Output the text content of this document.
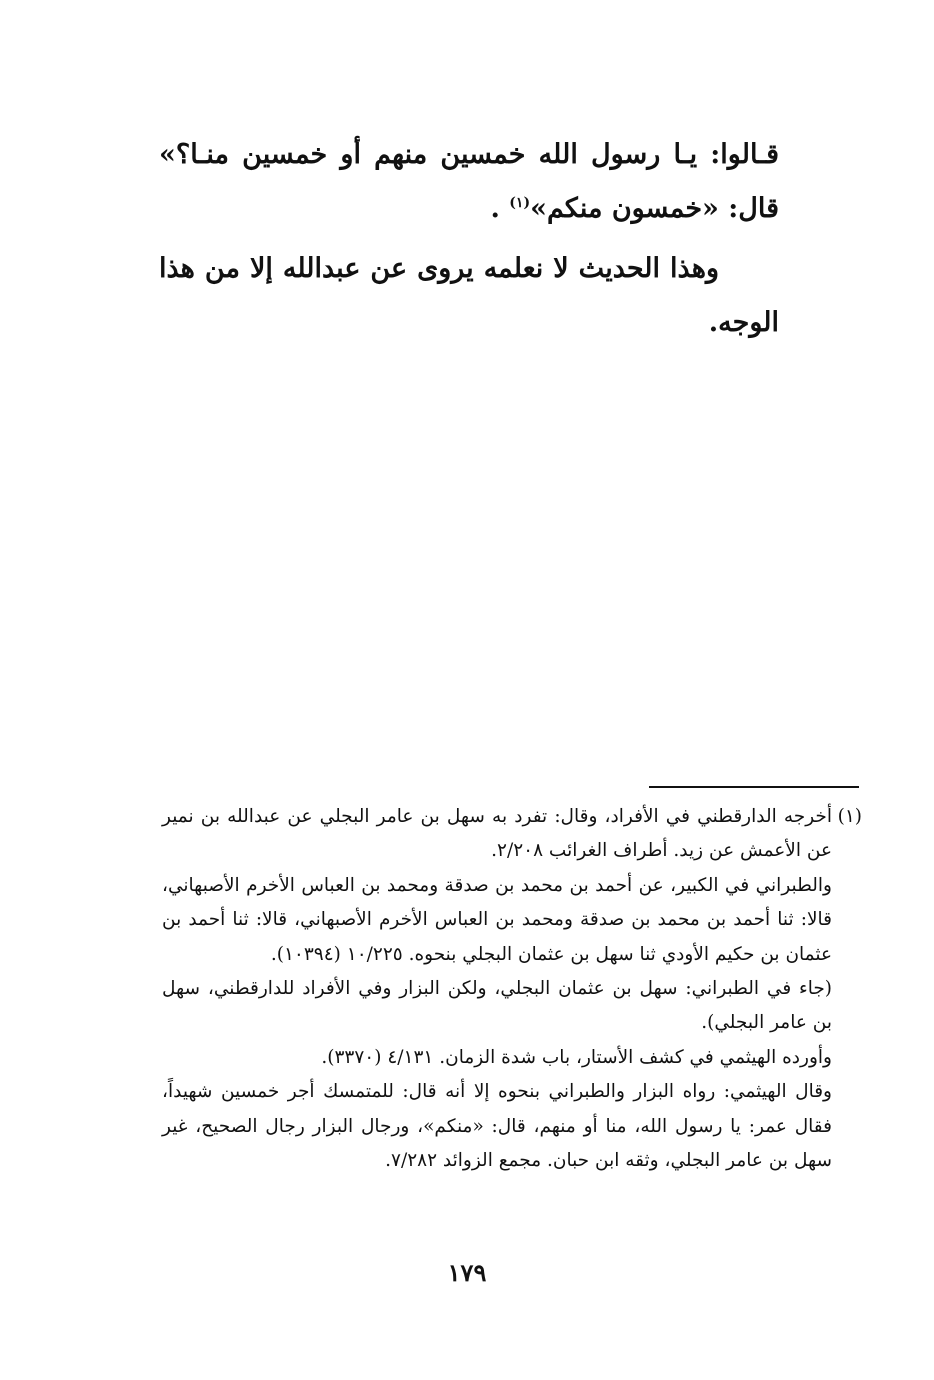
قـالوا: يـا رسول الله خمسين منهم أو خمسين منـا؟» قال: «خمسون منكم»$^{(١)}$ .

وهذا الحديث لا نعلمه يروى عن عبدالله إلا من هذا الوجه.

(١)

أخرجه الدارقطني في الأفراد، وقال: تفرد به سهل بن عامر البجلي عن عبدالله بن نمير عن الأعمش عن زيد. أطراف الغرائب ٢/٢٠٨.

والطبراني في الكبير، عن أحمد بن محمد بن صدقة ومحمد بن العباس الأخرم الأصبهاني، قالا: ثنا أحمد بن محمد بن صدقة ومحمد بن العباس الأخرم الأصبهاني، قالا: ثنا أحمد بن عثمان بن حكيم الأودي ثنا سهل بن عثمان البجلي بنحوه. ١٠/٢٢٥ (١٠٣٩٤).

(جاء في الطبراني: سهل بن عثمان البجلي، ولكن البزار وفي الأفراد للدارقطني، سهل بن عامر البجلي).

وأورده الهيثمي في كشف الأستار، باب شدة الزمان. ٤/١٣١ (٣٣٧٠).

وقال الهيثمي: رواه البزار والطبراني بنحوه إلا أنه قال: للمتمسك أجر خمسين شهيداً، فقال عمر: يا رسول الله، منا أو منهم، قال: «منكم»، ورجال البزار رجال الصحيح، غير سهل بن عامر البجلي، وثقه ابن حبان. مجمع الزوائد ٧/٢٨٢.

١٧٩
